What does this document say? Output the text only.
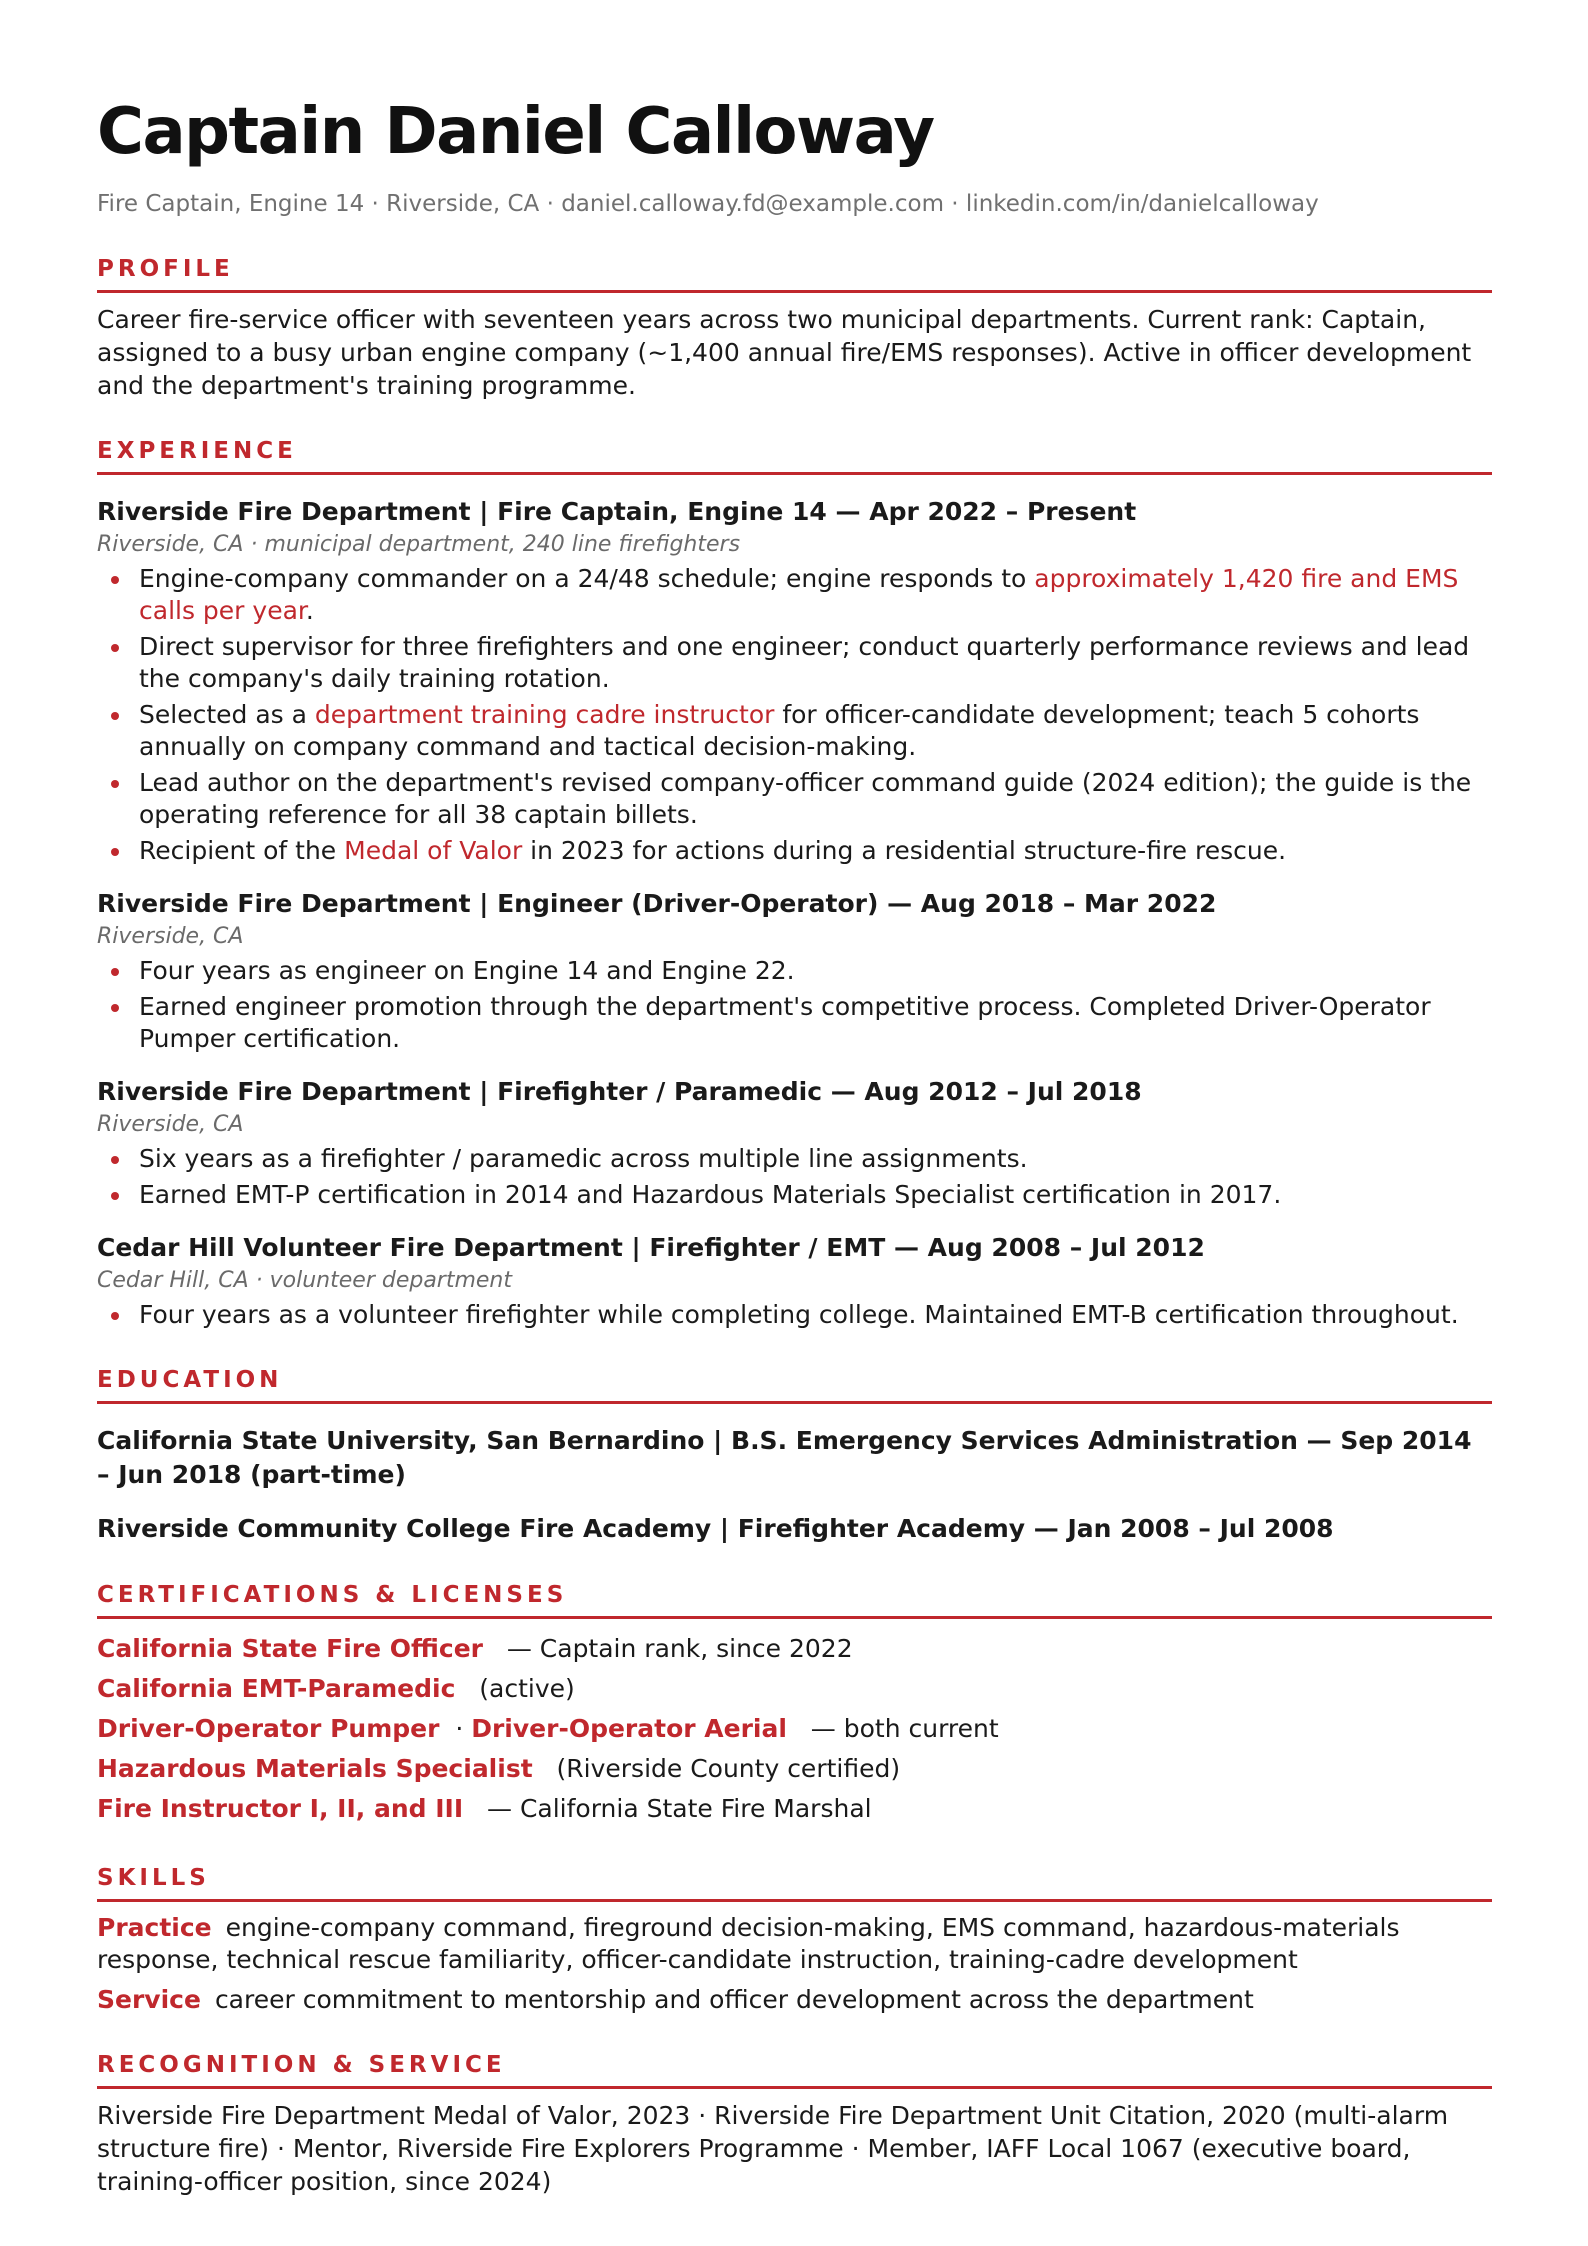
Captain Daniel Calloway
Fire Captain, Engine 14 · Riverside, CA · daniel.calloway.fd@example.com · linkedin.com/in/danielcalloway
PROFILE
Career fire-service officer with seventeen years across two municipal departments. Current rank: Captain, assigned to a busy urban engine company (~1,400 annual fire/EMS responses). Active in officer development and the department's training programme.
EXPERIENCE
Riverside Fire Department | Fire Captain, Engine 14 — Apr 2022 – Present
Riverside, CA · municipal department, 240 line firefighters
Engine-company commander on a 24/48 schedule; engine responds to approximately 1,420 fire and EMS calls per year.
Direct supervisor for three firefighters and one engineer; conduct quarterly performance reviews and lead the company's daily training rotation.
Selected as a department training cadre instructor for officer-candidate development; teach 5 cohorts annually on company command and tactical decision-making.
Lead author on the department's revised company-officer command guide (2024 edition); the guide is the operating reference for all 38 captain billets.
Recipient of the Medal of Valor in 2023 for actions during a residential structure-fire rescue.
Riverside Fire Department | Engineer (Driver-Operator) — Aug 2018 – Mar 2022
Riverside, CA
Four years as engineer on Engine 14 and Engine 22.
Earned engineer promotion through the department's competitive process. Completed Driver-Operator Pumper certification.
Riverside Fire Department | Firefighter / Paramedic — Aug 2012 – Jul 2018
Riverside, CA
Six years as a firefighter / paramedic across multiple line assignments.
Earned EMT-P certification in 2014 and Hazardous Materials Specialist certification in 2017.
Cedar Hill Volunteer Fire Department | Firefighter / EMT — Aug 2008 – Jul 2012
Cedar Hill, CA · volunteer department
Four years as a volunteer firefighter while completing college. Maintained EMT-B certification throughout.
EDUCATION
California State University, San Bernardino | B.S. Emergency Services Administration — Sep 2014 – Jun 2018 (part-time)
Riverside Community College Fire Academy | Firefighter Academy — Jan 2008 – Jul 2008
CERTIFICATIONS & LICENSES
California State Fire Officer — Captain rank, since 2022
California EMT-Paramedic (active)
Driver-Operator Pumper  · Driver-Operator Aerial — both current
Hazardous Materials Specialist (Riverside County certified)
Fire Instructor I, II, and III — California State Fire Marshal
SKILLS
Practice engine-company command, fireground decision-making, EMS command, hazardous-materials response, technical rescue familiarity, officer-candidate instruction, training-cadre development
Service career commitment to mentorship and officer development across the department
RECOGNITION & SERVICE
Riverside Fire Department Medal of Valor, 2023 · Riverside Fire Department Unit Citation, 2020 (multi-alarm structure fire) · Mentor, Riverside Fire Explorers Programme · Member, IAFF Local 1067 (executive board, training-officer position, since 2024)
